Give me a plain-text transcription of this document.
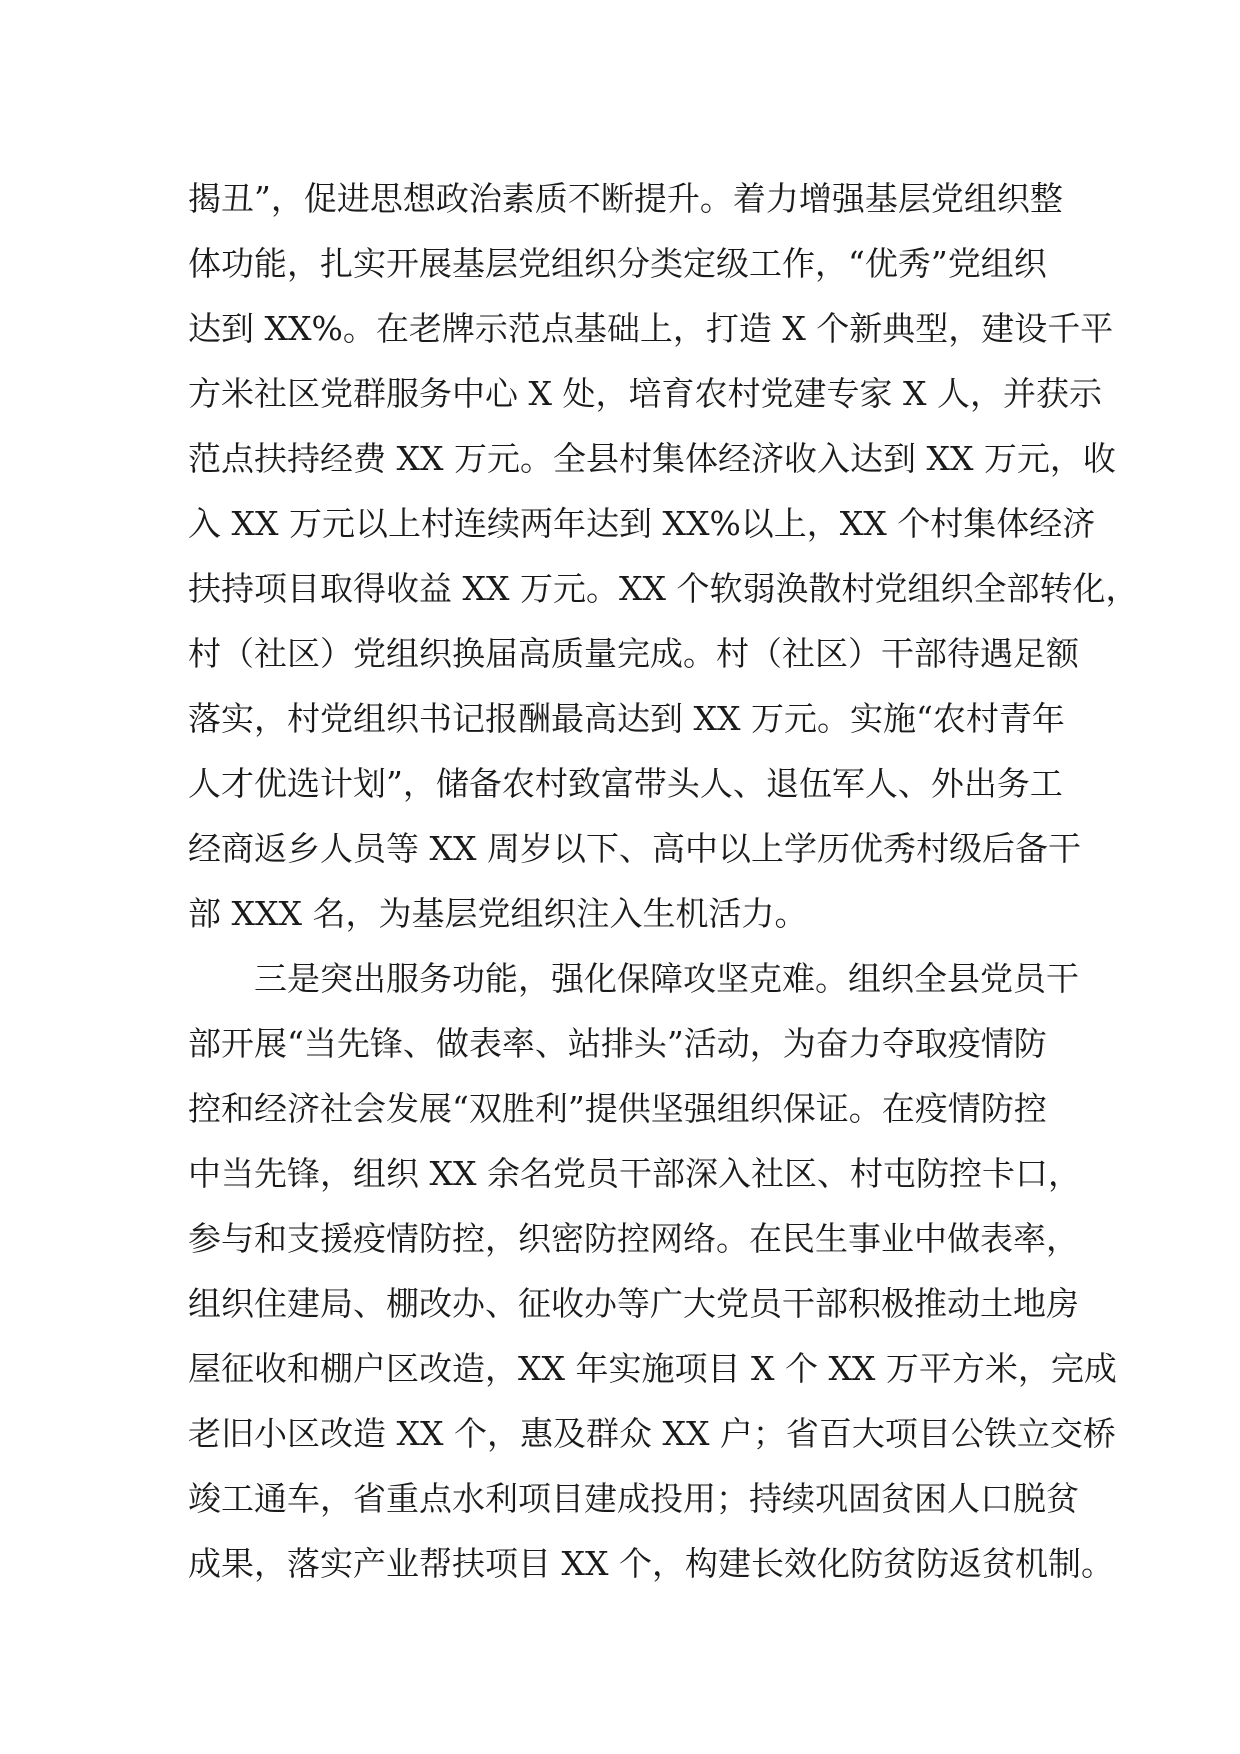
揭丑”，促进思想政治素质不断提升。着力增强基层党组织整
体功能，扎实开展基层党组织分类定级工作，“优秀”党组织
达到 XX%。在老牌示范点基础上，打造 X 个新典型，建设千平
方米社区党群服务中心 X 处，培育农村党建专家 X 人，并获示
范点扶持经费 XX 万元。全县村集体经济收入达到 XX 万元，收
入 XX 万元以上村连续两年达到 XX%以上，XX 个村集体经济
扶持项目取得收益 XX 万元。XX 个软弱涣散村党组织全部转化，
村（社区）党组织换届高质量完成。村（社区）干部待遇足额
落实，村党组织书记报酬最高达到 XX 万元。实施“农村青年
人才优选计划”，储备农村致富带头人、退伍军人、外出务工
经商返乡人员等 XX 周岁以下、高中以上学历优秀村级后备干
部 XXX 名，为基层党组织注入生机活力。
三是突出服务功能，强化保障攻坚克难。组织全县党员干
部开展“当先锋、做表率、站排头”活动，为奋力夺取疫情防
控和经济社会发展“双胜利”提供坚强组织保证。在疫情防控
中当先锋，组织 XX 余名党员干部深入社区、村屯防控卡口，
参与和支援疫情防控，织密防控网络。在民生事业中做表率，
组织住建局、棚改办、征收办等广大党员干部积极推动土地房
屋征收和棚户区改造，XX 年实施项目 X 个 XX 万平方米，完成
老旧小区改造 XX 个，惠及群众 XX 户；省百大项目公铁立交桥
竣工通车，省重点水利项目建成投用；持续巩固贫困人口脱贫
成果，落实产业帮扶项目 XX 个，构建长效化防贫防返贫机制。
